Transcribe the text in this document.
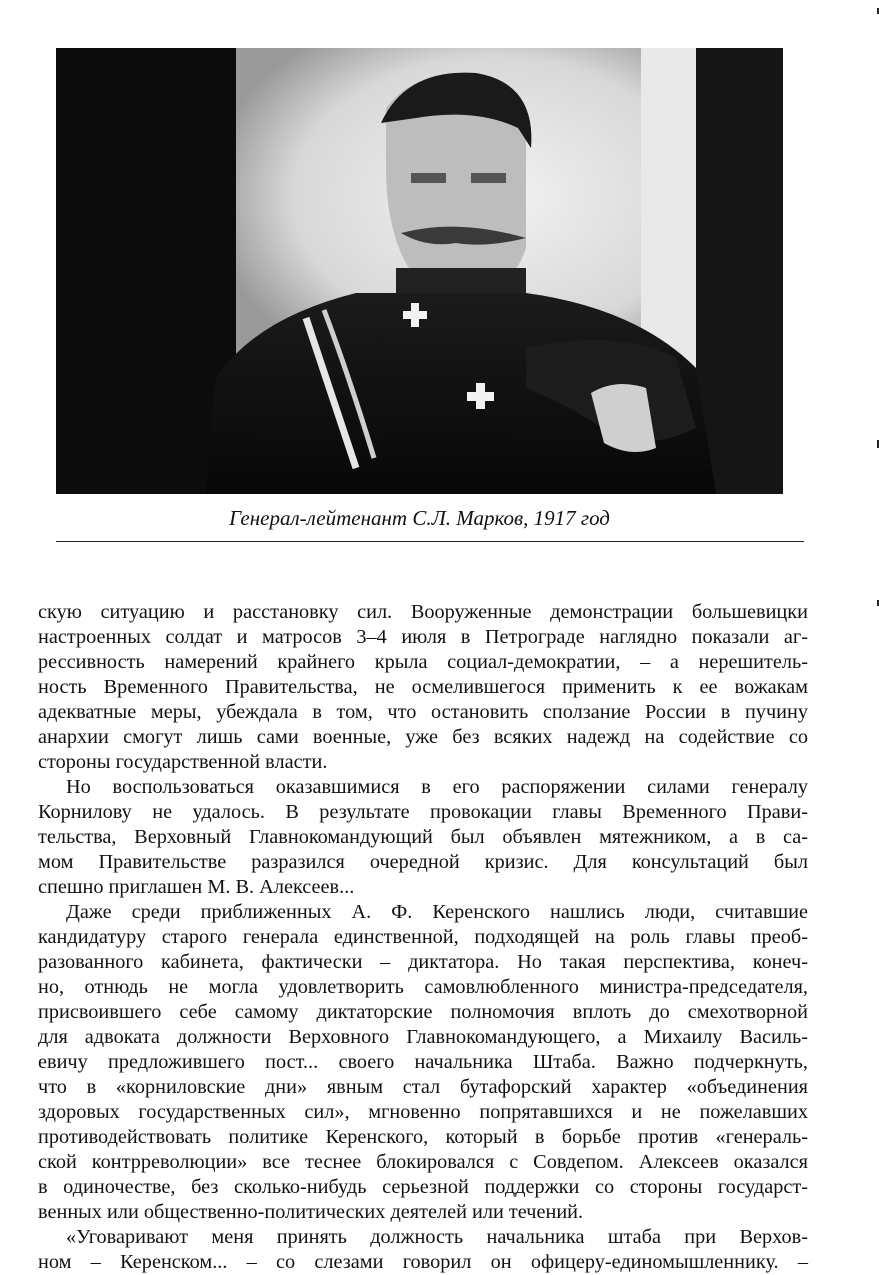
Генерал-лейтенант С.Л. Марков, 1917 год
скую ситуацию и расстановку сил. Вооруженные демонстрации большевицки
настроенных солдат и матросов 3–4 июля в Петрограде наглядно показали аг-
рессивность намерений крайнего крыла социал-демократии, – а нерешитель-
ность Временного Правительства, не осмелившегося применить к ее вожакам
адекватные меры, убеждала в том, что остановить сползание России в пучину
анархии смогут лишь сами военные, уже без всяких надежд на содействие со
стороны государственной власти.
Но воспользоваться оказавшимися в его распоряжении силами генералу
Корнилову не удалось. В результате провокации главы Временного Прави-
тельства, Верховный Главнокомандующий был объявлен мятежником, а в са-
мом Правительстве разразился очередной кризис. Для консультаций был
спешно приглашен М. В. Алексеев...
Даже среди приближенных А. Ф. Керенского нашлись люди, считавшие
кандидатуру старого генерала единственной, подходящей на роль главы преоб-
разованного кабинета, фактически – диктатора. Но такая перспектива, конеч-
но, отнюдь не могла удовлетворить самовлюбленного министра-председателя,
присвоившего себе самому диктаторские полномочия вплоть до смехотворной
для адвоката должности Верховного Главнокомандующего, а Михаилу Василь-
евичу предложившего пост... своего начальника Штаба. Важно подчеркнуть,
что в «корниловские дни» явным стал бутафорский характер «объединения
здоровых государственных сил», мгновенно попрятавшихся и не пожелавших
противодействовать политике Керенского, который в борьбе против «генераль-
ской контрреволюции» все теснее блокировался с Совдепом. Алексеев оказался
в одиночестве, без сколько-нибудь серьезной поддержки со стороны государст-
венных или общественно-политических деятелей или течений.
«Уговаривают меня принять должность начальника штаба при Верхов-
ном – Керенском... – со слезами говорил он офицеру-единомышленнику. –
